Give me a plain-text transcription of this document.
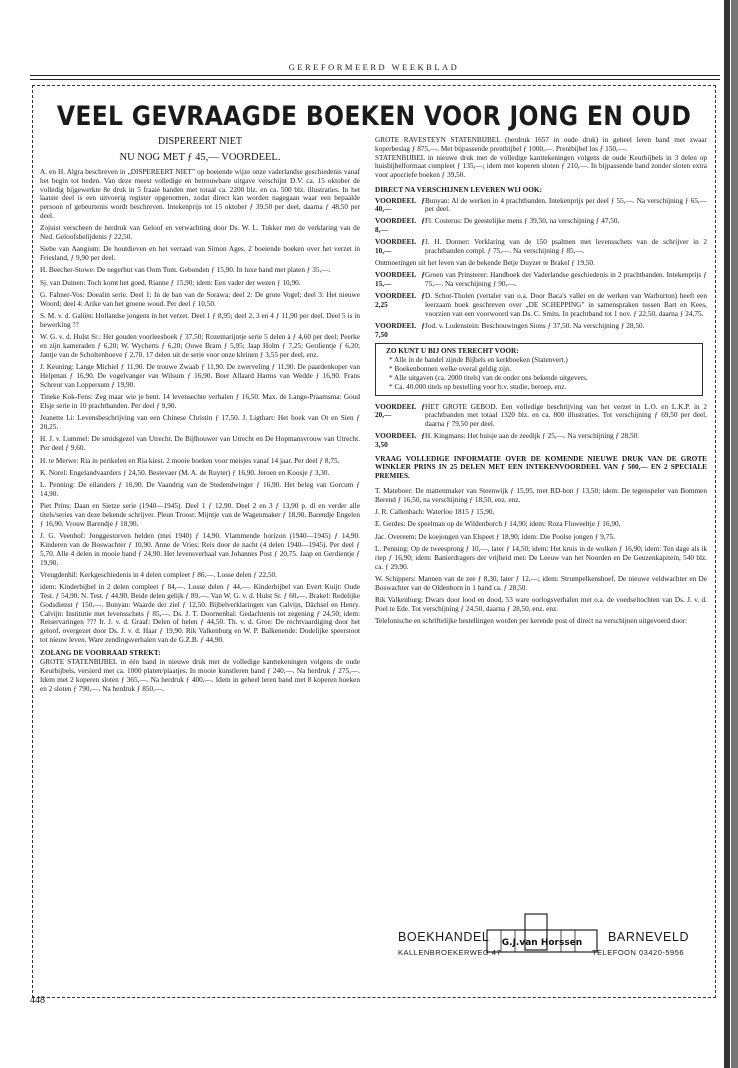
GEREFORMEERD WEEKBLAD
VEEL GEVRAAGDE BOEKEN VOOR JONG EN OUD

DISPEREERT NIET

NU NOG MET ƒ 45,— VOORDEEL.

A. en H. Algra beschreven in „DISPEREERT NIET” op boeiende wijze onze vaderlandse geschiedenis vanaf het begin tot heden. Van deze meest volledige en betrouwbare uitgave verschijnt D.V. ca. 15 oktober de volledig bijgewerkte 8e druk in 5 fraaie banden met totaal ca. 2200 blz. en ca. 500 blz. illustraties. In het laatste deel is een uitvoerig register opgenomen, zodat direct kan worden nagegaan waar een bepaalde persoon of gebeurtenis wordt beschreven. Intekenprijs tot 15 oktober ƒ 39,50 per deel, daarna ƒ 48,50 per deel.

Zojuist verscheen de herdruk van Geloof en verwachting door Ds. W. L. Tukker met de verklaring van de Ned. Geloofsbelijdenis ƒ 22,50.

Siebe van Aangium: De houtdieven en het verraad van Simon Ages. 2 boeiende boeken over het verzet in Friesland, ƒ 9,90 per deel.

H. Beecher-Stowe: De negerhut van Oom Tom. Gebonden ƒ 15,90. In luxe band met platen ƒ 35,—.

Sj. van Duinen: Toch komt het goed, Rianne ƒ 15,90; idem: Een vader der wezen ƒ 10,90.

G. Fahner-Vos: Doealin serie. Deel 1: In de ban van de Sorawa; deel 2: De grote Vogel; deel 3: Het nieuwe Woord; deel 4: Arike van het groene woud. Per deel ƒ 10,50.

S. M. v. d. Galiën: Hollandse jongens in het verzet. Deel 1 ƒ 8,95; deel 2, 3 en 4 ƒ 11,90 per deel. Deel 5 is in bewerking ??

W. G. v. d. Hulst Sr.: Het gouden voorleesboek ƒ 37,50; Rozemarijntje serie 5 delen à ƒ 4,60 per deel; Peerke en zijn kameraden ƒ 6,20; W. Wycherts ƒ 6,20; Ouwe Bram ƒ 5,95; Jaap Holm ƒ 7,25; Gerdientje ƒ 6,20; Jantje van de Scholtenhoeve ƒ 2,70. 17 delen uit de serie voor onze kleinen ƒ 3,55 per deel, enz.

J. Keuning: Lange Michiel ƒ 11,90. De trouwe Zwaab ƒ 11,90. De zwerveling ƒ 11,90. De paardenkoper van Helpman ƒ 16,90. De vogelvanger van Wilsum ƒ 16,90. Boer Allaard Harms van Wedde ƒ 16,90. Frans Schreur van Loppersum ƒ 19,90.

Tineke Kok-Fens: Zeg maar wie je bent. 14 levensechte verhalen ƒ 16,50. Max. de Lange-Praamsma: Goud Elsje serie in 10 prachtbanden. Per deel ƒ 9,90.

Jeanette Li: Levensbeschrijving van een Chinese Christin ƒ 17,50. J. Ligthart: Het boek van Ot en Sien ƒ 20,25.

H. J. v. Lummel: De smidsgezel van Utrecht. De Bijlhouwer van Utrecht en De Hopmansvrouw van Utrecht. Per deel ƒ 9,60.

H. te Merwe: Ria in perikelen en Ria kiest. 2 mooie boeken voor meisjes vanaf 14 jaar. Per deel ƒ 8,75.

K. Norel: Engelandvaarders ƒ 24,50. Bestevaer (M. A. de Ruyter) ƒ 16,90. Jeroen en Koosje ƒ 3,30.

L. Penning: De eilanders ƒ 16,90. De Vaandrig van de Stedendwinger ƒ 16,90. Het beleg van Gorcum ƒ 14,90.

Piet Prins: Daan en Sietze serie (1940—1945). Deel 1 ƒ 12,90. Deel 2 en 3 ƒ 13,90 p. dl en verder alle titels/series van deze bekende schrijver. Pleun Troost: Mijntje van de Wagenmaker ƒ 18,90. Barendje Engelen ƒ 16,90. Vrouw Barendje ƒ 18,90.

J. G. Veenhof: Jonggestorven helden (mei 1940) ƒ 14,90. Vlammende horizon (1940—1945) ƒ 14,90. Kinderen van de Boswachter ƒ 10,90. Anne de Vries: Reis door de nacht (4 delen 1940—1945). Per deel ƒ 5,70. Alle 4 delen in mooie band ƒ 24,90. Het levensverhaal van Johannes Post ƒ 20,75. Jaap en Gerdientje ƒ 19,90.

Vreugdenhil: Kerkgeschiedenis in 4 delen compleet ƒ 86,—. Losse delen ƒ 22,50.

idem: Kinderbijbel in 2 delen compleet ƒ 84,—. Losse delen ƒ 44,—. Kinderbijbel van Evert Kuijt: Oude Test. ƒ 54,90. N. Test. ƒ 44,90. Beide delen gelijk ƒ 89,—. Van W. G. v. d. Hulst Sr. ƒ 60,—. Brakel: Redelijke Godsdienst ƒ 150,—. Bunyan: Waarde der ziel ƒ 12,50. Bijbelverklaringen van Calvijn, Dächsel en Henry. Calvijn: Institutie met levensschets ƒ 85,—. Ds. J. T. Doornenbal: Gedachtenis tot zegening ƒ 24,50; idem: Reiservaringen ??? Ir. J. v. d. Graaf: Delen of helen ƒ 44,50. Th. v. d. Groe: De rechtvaardiging door het geloof, overgezet door Ds. J. v. d. Haar ƒ 19,90. Rik Valkenburg en W. P. Balkenende: Dodelijke speerstoot tot nieuw leven. Ware zendingsverhalen van de G.Z.B. ƒ 44,90.

ZOLANG DE VOORRAAD STREKT:

GROTE STATENBIJBEL in één band in nieuwe druk met de volledige kanttekeningen volgens de oude Keurbijbels, versierd met ca. 1000 platen/plaatjes. In mooie kunstleren band ƒ 240,—. Na herdruk ƒ 275,—. Idem met 2 koperen sloten ƒ 365,—. Na herdruk ƒ 400,—. Idem in geheel leren band met 8 koperen hoeken en 2 sloten ƒ 790,—. Na herdruk ƒ 850,—.

GROTE RAVESTEYN STATENBIJBEL (herdruk 1657 in oude druk) in geheel leren band met zwaar koperbeslag ƒ 875,—. Met bijpassende prentbijbel ƒ 1000,—. Prentbijbel los ƒ 150,—.

STATENBIJBEL in nieuwe druk met de volledige kanttekeningen volgens de oude Keurbijbels in 3 delen op huisbijbelformaat compleet ƒ 135,—; idem met koperen sloten ƒ 210,—. In bijpassende band zonder sloten extra voor apocriefe boeken ƒ 39,50.

DIRECT NA VERSCHIJNEN LEVEREN WIJ OOK:

VOORDEEL ƒ 40,—
Bunyan: Al de werken in 4 prachtbanden. Intekenprijs per deel ƒ 55,—. Na verschijning ƒ 65,— per deel.
VOORDEEL ƒ 8,—
Fl. Costerus: De geestelijke mens ƒ 39,50, na verschijning ƒ 47,50.
VOORDEEL ƒ 10,—
J. H. Donner: Verklaring van de 150 psalmen met levensschets van de schrijver in 2 prachtbanden compl. ƒ 75,—. Na verschijning ƒ 85,—.

Ontmoetingen uit het leven van de bekende Betje Duyzer te Brakel ƒ 19,50.

VOORDEEL ƒ 15,—
Groen van Prinsterer: Handboek der Vaderlandse geschiedenis in 2 prachtbanden. Intekenprijs ƒ 75,—. Na verschijning ƒ 90,—.
VOORDEEL ƒ 2,25
D. Schot-Tholen (vertaler van o.a. Door Baca's vallei en de werken van Warburton) heeft een leerzaam boek geschreven over „DE SCHEPPING” in samenspraken tussen Bart en Kees, voorzien van een voorwoord van Ds. C. Smits. In prachtband tot 1 nov. ƒ 22,50, daarna ƒ 24,75.
VOORDEEL ƒ 7,50
Jod. v. Lodenstein: Beschouwingen Sions ƒ 37,50. Na verschijning ƒ 28,50.
ZO KUNT U BIJ ONS TERECHT VOOR:
* Alle in de handel zijnde Bijbels en kerkboeken (Statenvert.)
* Boekenbonnen welke overal geldig zijn.
* Alle uitgaven (ca. 2000 titels) van de onder ons bekende uitgevers.
* Ca. 40.000 titels op bestelling voor b.v. studie, beroep, enz.
VOORDEEL ƒ 20,—
HET GROTE GEBOD. Een volledige beschrijving van het verzet in L.O. en L.K.P. in 2 prachtbanden met totaal 1320 blz. en ca. 800 illustraties. Tot verschijning ƒ 69,50 per deel, daarna ƒ 79,50 per deel.
VOORDEEL ƒ 3,50
H. Kingmans: Het huisje aan de zeedijk ƒ 25,—. Na verschijning ƒ 28,50.

VRAAG VOLLEDIGE INFORMATIE OVER DE KOMENDE NIEUWE DRUK VAN DE GROTE WINKLER PRINS IN 25 DELEN MET EEN INTEKENVOORDEEL VAN ƒ 500,— EN 2 SPECIALE PREMIES.

T. Mateboer: De mattenmaker van Steenwijk ƒ 15,95, met RD-bon ƒ 13,50; idem: De tegenspeler van Bommen Berend ƒ 16,50, na verschijning ƒ 18,50, enz. enz.

J. R. Callenbach: Waterloo 1815 ƒ 15,90.

E. Gerdes: De speelman op de Wildenborch ƒ 14,90; idem: Roza Fluweeltje ƒ 16,90.

Jac. Overeem: De koejongen van Elspeet ƒ 18,90; idem: Die Poolse jongen ƒ 9,75.

L. Penning: Op de tweesprong ƒ 10,—, later ƒ 14,50; idem: Het kruis in de wolken ƒ 16,90; idem: Ten dage als ik riep ƒ 16,90; idem: Banierdragers der vrijheid met: De Leeuw van het Noorden en De Geuzenkapitein, 540 blz. ca. ƒ 29,90.

W. Schippers: Mannen van de zee ƒ 8,30, later ƒ 12,—; idem: Strumpelkenshoef, De nieuwe veldwachter en De Boswachter van de Oldenborn in 1 band ca. ƒ 28,50.

Rik Valkenburg: Dwars door lood en dood, 53 ware oorlogsverhalen met o.a. de voedseltochten van Ds. J. v. d. Poel te Ede. Tot verschijning ƒ 24,50, daarna ƒ 28,50, enz. enz.

Telefonische en schriftelijke bestellingen worden per kerende post of direct na verschijnen uitgevoerd door:

G.J.van Horssen
BOEKHANDEL	BARNEVELD
KALLENBROEKERWEG 47	TELEFOON 03420-5956
448
